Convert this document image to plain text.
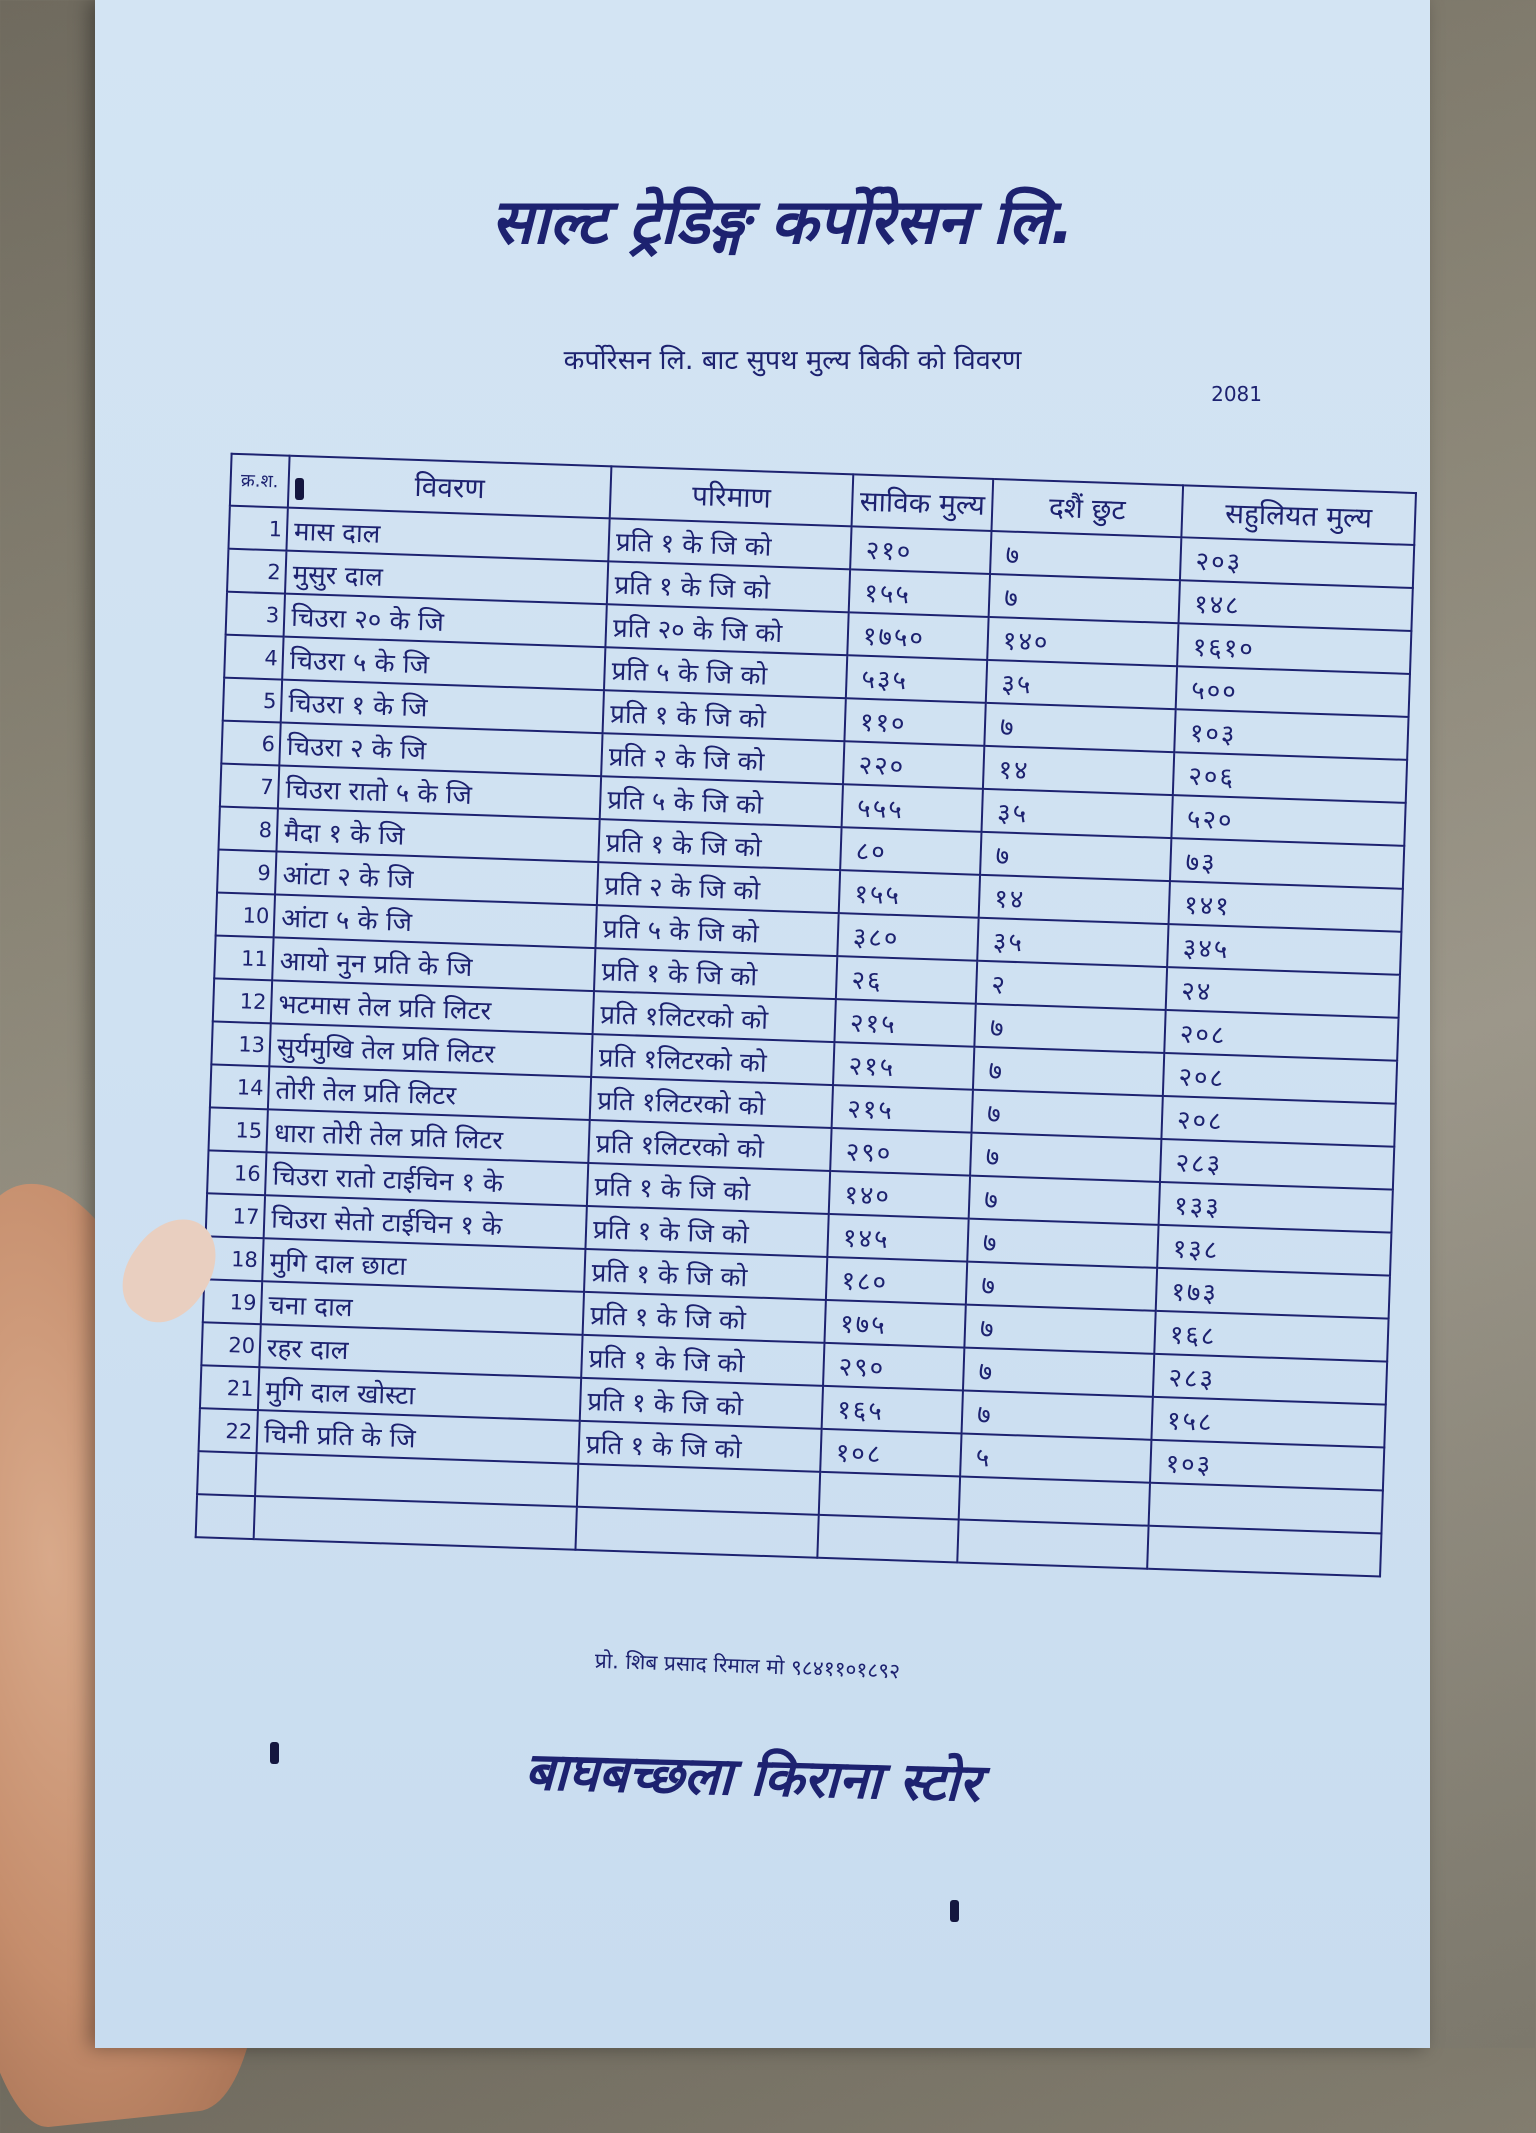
साल्ट ट्रेडिङ्ग कर्पोरेसन लि.
कर्पोरेसन लि. बाट सुपथ मुल्य बिकी को विवरण
2081
क्र.श.	विवरण	परिमाण	साविक मुल्य	दशैं छुट	सहुलियत मुल्य
1	मास दाल	प्रति १ के जि को	२१०	७	२०३
2	मुसुर दाल	प्रति १ के जि को	१५५	७	१४८
3	चिउरा २० के जि	प्रति २० के जि को	१७५०	१४०	१६१०
4	चिउरा ५ के जि	प्रति ५ के जि को	५३५	३५	५००
5	चिउरा १ के जि	प्रति १ के जि को	११०	७	१०३
6	चिउरा २ के जि	प्रति २ के जि को	२२०	१४	२०६
7	चिउरा रातो ५ के जि	प्रति ५ के जि को	५५५	३५	५२०
8	मैदा १ के जि	प्रति १ के जि को	८०	७	७३
9	आंटा २ के जि	प्रति २ के जि को	१५५	१४	१४१
10	आंटा ५ के जि	प्रति ५ के जि को	३८०	३५	३४५
11	आयो नुन प्रति के जि	प्रति १ के जि को	२६	२	२४
12	भटमास तेल प्रति लिटर	प्रति १लिटरको को	२१५	७	२०८
13	सुर्यमुखि तेल प्रति लिटर	प्रति १लिटरको को	२१५	७	२०८
14	तोरी तेल प्रति लिटर	प्रति १लिटरको को	२१५	७	२०८
15	धारा तोरी तेल प्रति लिटर	प्रति १लिटरको को	२९०	७	२८३
16	चिउरा रातो टाईचिन १ के	प्रति १ के जि को	१४०	७	१३३
17	चिउरा सेतो टाईचिन १ के	प्रति १ के जि को	१४५	७	१३८
18	मुगि दाल छाटा	प्रति १ के जि को	१८०	७	१७३
19	चना दाल	प्रति १ के जि को	१७५	७	१६८
20	रहर दाल	प्रति १ के जि को	२९०	७	२८३
21	मुगि दाल खोस्टा	प्रति १ के जि को	१६५	७	१५८
22	चिनी प्रति के जि	प्रति १ के जि को	१०८	५	१०३

प्रो. शिब प्रसाद रिमाल मो ९८४११०१८९२
बाघबच्छला किराना स्टोर
